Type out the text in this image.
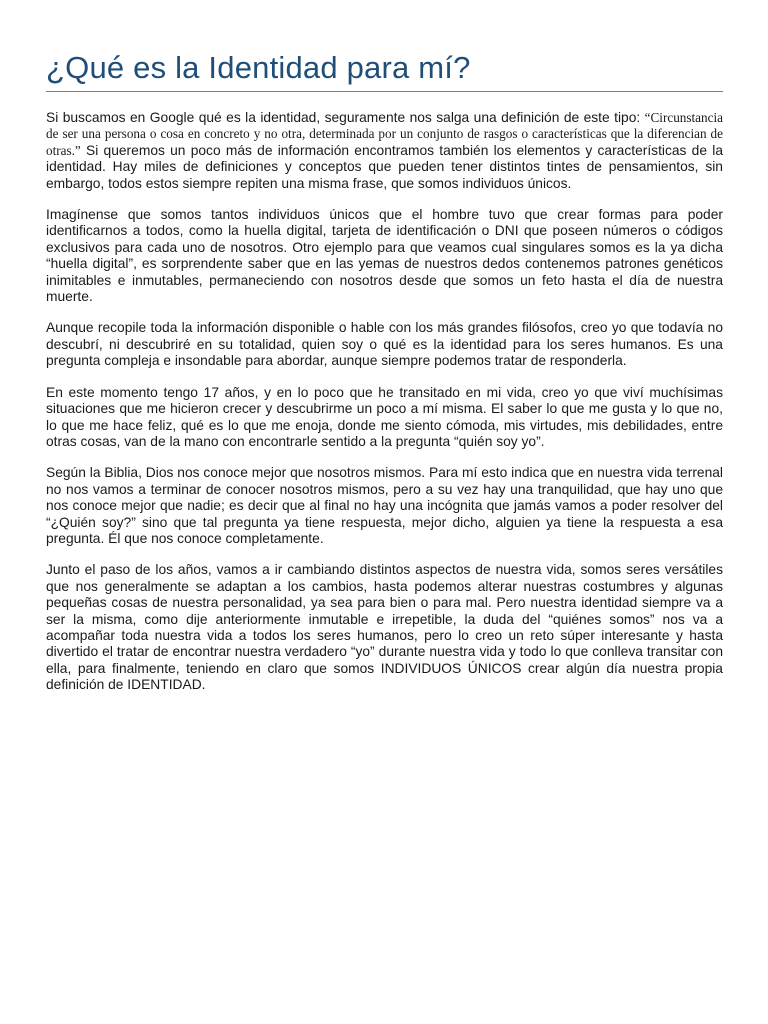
¿Qué es la Identidad para mí?

Si buscamos en Google qué es la identidad, seguramente nos salga una definición de este tipo: “Circunstancia de ser una persona o cosa en concreto y no otra, determinada por un conjunto de rasgos o características que la diferencian de otras.” Si queremos un poco más de información encontramos también los elementos y características de la identidad. Hay miles de definiciones y conceptos que pueden tener distintos tintes de pensamientos, sin embargo, todos estos siempre repiten una misma frase, que somos individuos únicos.

Imagínense que somos tantos individuos únicos que el hombre tuvo que crear formas para poder identificarnos a todos, como la huella digital, tarjeta de identificación o DNI que poseen números o códigos exclusivos para cada uno de nosotros. Otro ejemplo para que veamos cual singulares somos es la ya dicha “huella digital”, es sorprendente saber que en las yemas de nuestros dedos contenemos patrones genéticos inimitables e inmutables, permaneciendo con nosotros desde que somos un feto hasta el día de nuestra muerte.

Aunque recopile toda la información disponible o hable con los más grandes filósofos, creo yo que todavía no descubrí, ni descubriré en su totalidad, quien soy o qué es la identidad para los seres humanos. Es una pregunta compleja e insondable para abordar, aunque siempre podemos tratar de responderla.

En este momento tengo 17 años, y en lo poco que he transitado en mi vida, creo yo que viví muchísimas situaciones que me hicieron crecer y descubrirme un poco a mí misma. El saber lo que me gusta y lo que no, lo que me hace feliz, qué es lo que me enoja, donde me siento cómoda, mis virtudes, mis debilidades, entre otras cosas, van de la mano con encontrarle sentido a la pregunta “quién soy yo”.

Según la Biblia, Dios nos conoce mejor que nosotros mismos. Para mí esto indica que en nuestra vida terrenal no nos vamos a terminar de conocer nosotros mismos, pero a su vez hay una tranquilidad, que hay uno que nos conoce mejor que nadie; es decir que al final no hay una incógnita que jamás vamos a poder resolver del “¿Quién soy?” sino que tal pregunta ya tiene respuesta, mejor dicho, alguien ya tiene la respuesta a esa pregunta. Él que nos conoce completamente.

Junto el paso de los años, vamos a ir cambiando distintos aspectos de nuestra vida, somos seres versátiles que nos generalmente se adaptan a los cambios, hasta podemos alterar nuestras costumbres y algunas pequeñas cosas de nuestra personalidad, ya sea para bien o para mal. Pero nuestra identidad siempre va a ser la misma, como dije anteriormente inmutable e irrepetible, la duda del “quiénes somos” nos va a acompañar toda nuestra vida a todos los seres humanos, pero lo creo un reto súper interesante y hasta divertido el tratar de encontrar nuestra verdadero “yo” durante nuestra vida y todo lo que conlleva transitar con ella, para finalmente, teniendo en claro que somos INDIVIDUOS ÚNICOS crear algún día nuestra propia definición de IDENTIDAD.
